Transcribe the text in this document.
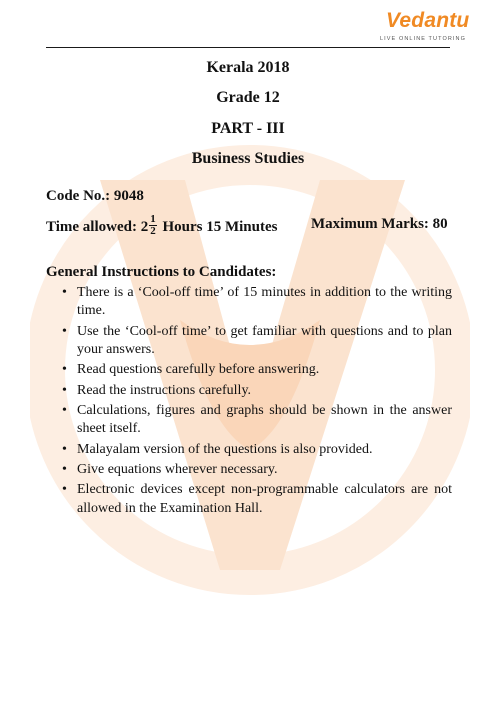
Vedantu
LIVE ONLINE TUTORING
Kerala 2018
Grade 12
PART - III
Business Studies
Code No.: 9048
Time allowed: $2 \frac{1}{2}$ Hours 15 Minutes Maximum Marks: 80
General Instructions to Candidates:
• There is a ‘Cool-off time’ of 15 minutes in addition to the writing time.
• Use the ‘Cool-off time’ to get familiar with questions and to plan your answers.
• Read questions carefully before answering.
• Read the instructions carefully.
• Calculations, figures and graphs should be shown in the answer sheet itself.
• Malayalam version of the questions is also provided.
• Give equations wherever necessary.
• Electronic devices except non-programmable calculators are not allowed in the Examination Hall.
